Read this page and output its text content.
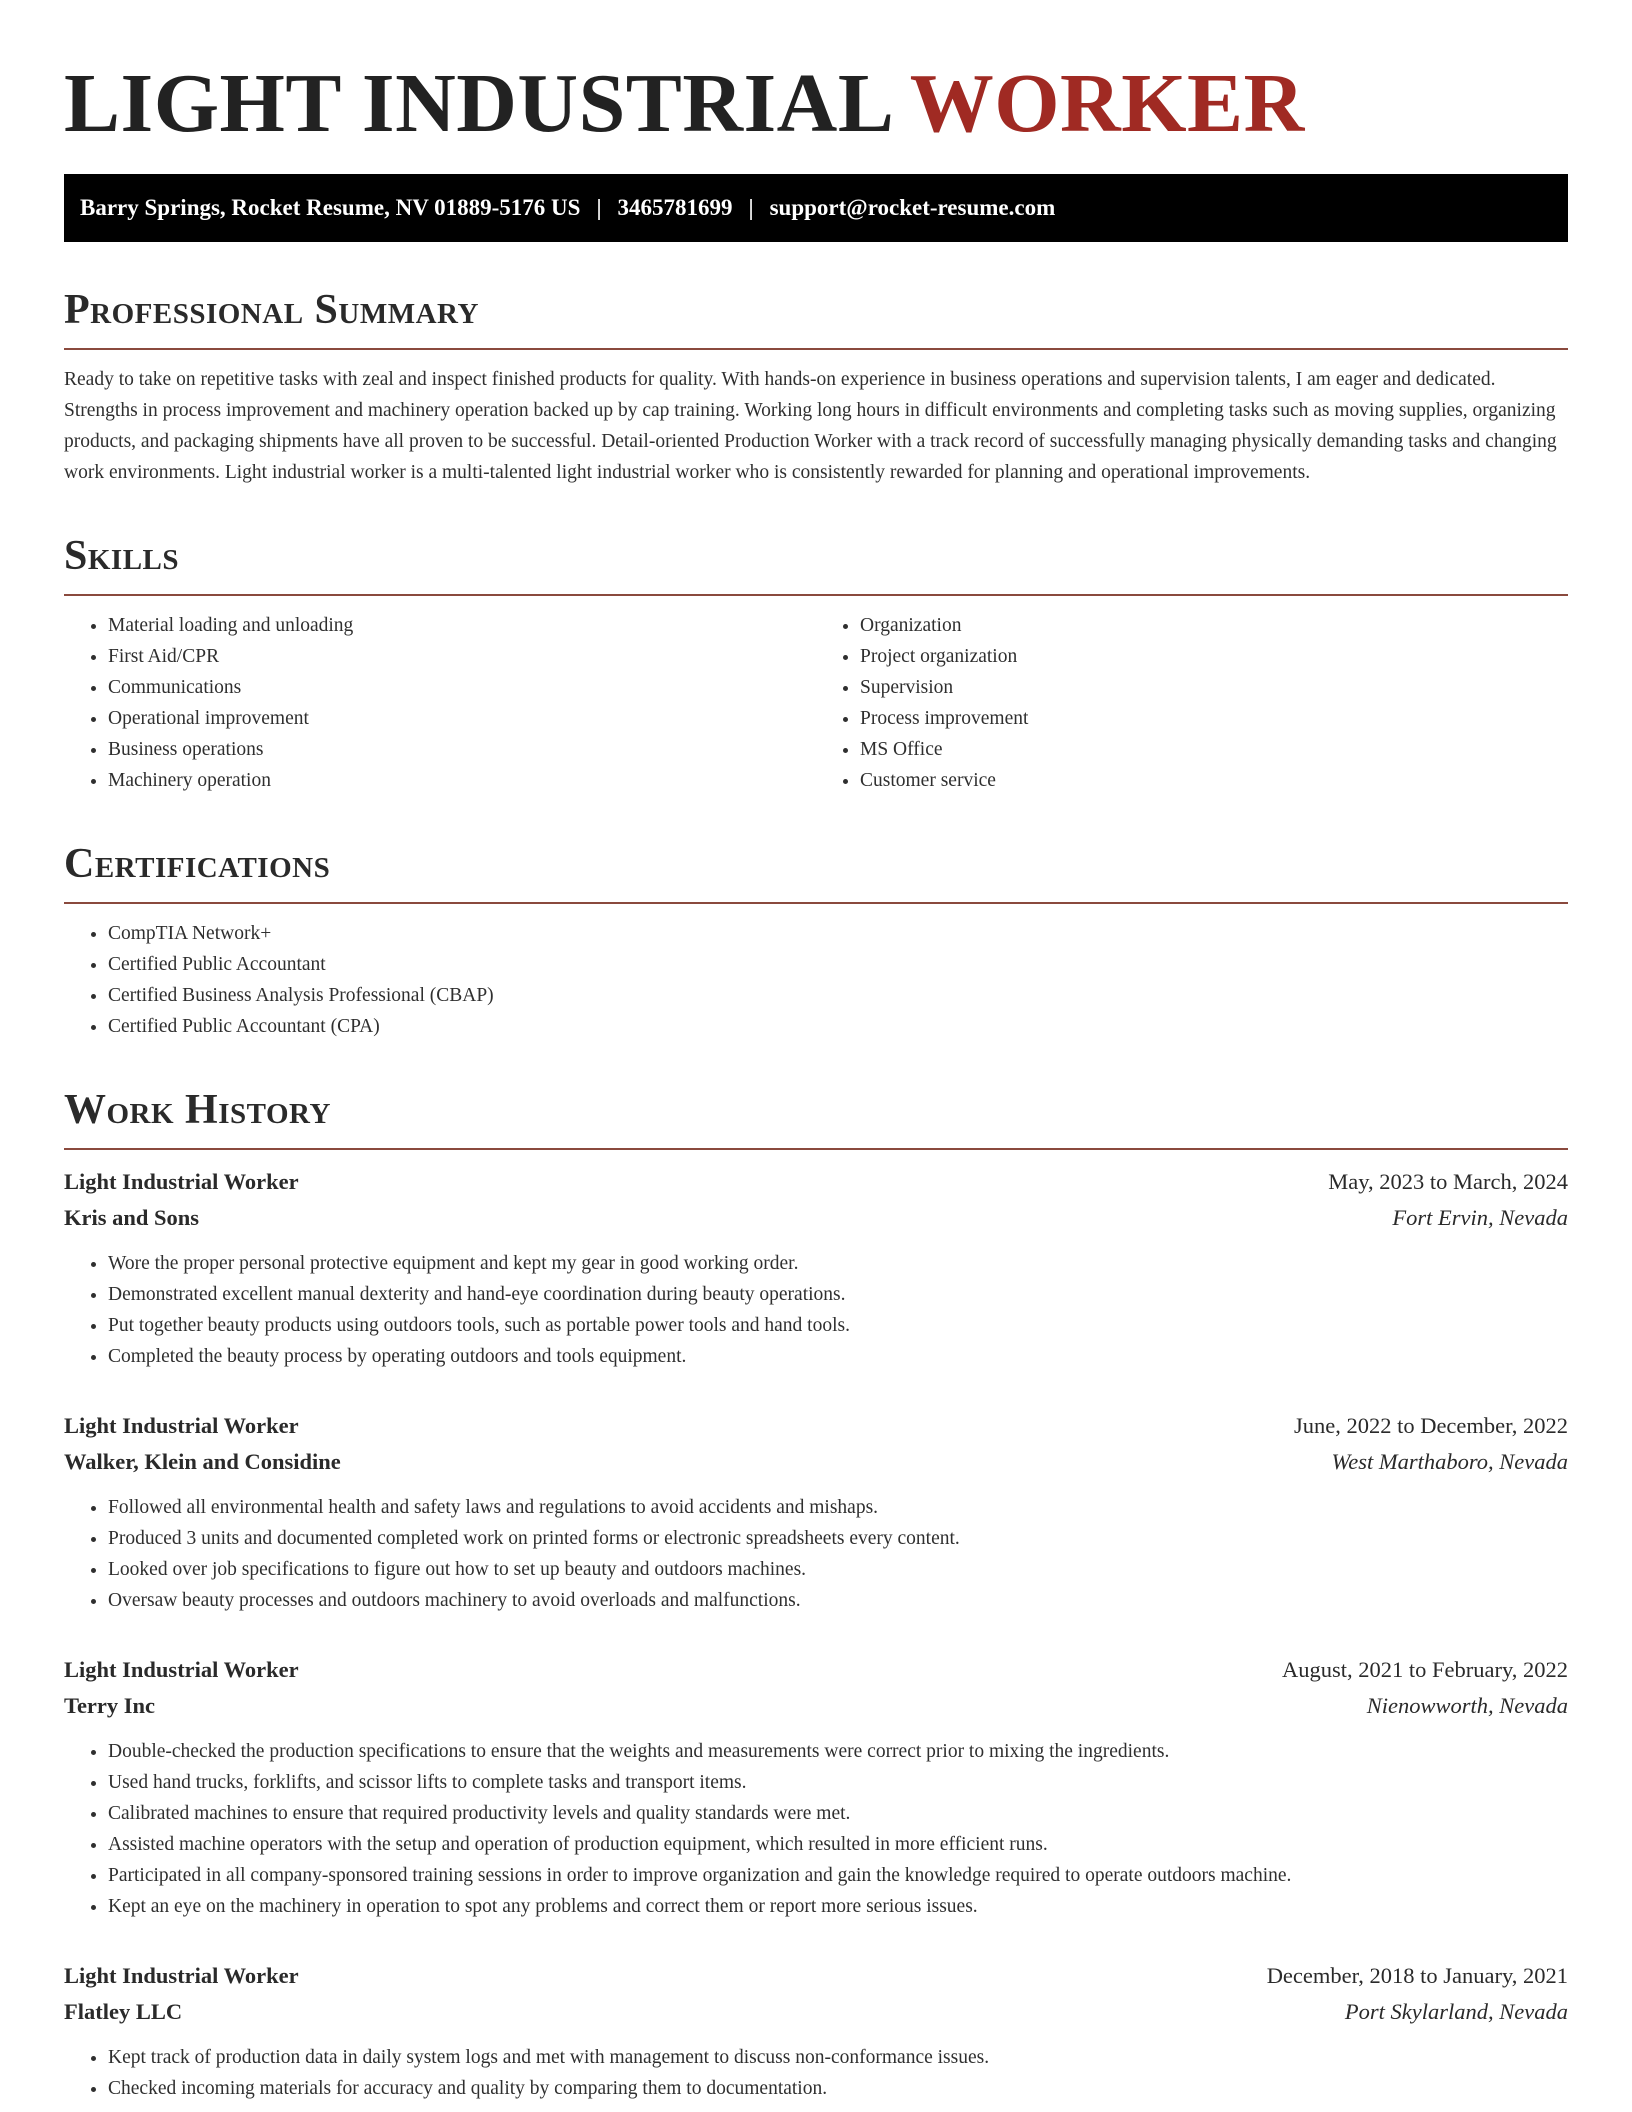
LIGHT INDUSTRIAL WORKER
Barry Springs, Rocket Resume, NV 01889-5176 US | 3465781699 | support@rocket-resume.com
Professional Summary

Ready to take on repetitive tasks with zeal and inspect finished products for quality. With hands-on experience in business operations and supervision talents, I am eager and dedicated. Strengths in process improvement and machinery operation backed up by cap training. Working long hours in difficult environments and completing tasks such as moving supplies, organizing products, and packaging shipments have all proven to be successful. Detail-oriented Production Worker with a track record of successfully managing physically demanding tasks and changing work environments. Light industrial worker is a multi-talented light industrial worker who is consistently rewarded for planning and operational improvements.

Skills
• Material loading and unloading
• First Aid/CPR
• Communications
• Operational improvement
• Business operations
• Machinery operation
• Organization
• Project organization
• Supervision
• Process improvement
• MS Office
• Customer service
Certifications
• CompTIA Network+
• Certified Public Accountant
• Certified Business Analysis Professional (CBAP)
• Certified Public Accountant (CPA)
Work History
Light Industrial Worker	May, 2023 to March, 2024
Kris and Sons	Fort Ervin, Nevada
• Wore the proper personal protective equipment and kept my gear in good working order.
• Demonstrated excellent manual dexterity and hand-eye coordination during beauty operations.
• Put together beauty products using outdoors tools, such as portable power tools and hand tools.
• Completed the beauty process by operating outdoors and tools equipment.
Light Industrial Worker	June, 2022 to December, 2022
Walker, Klein and Considine	West Marthaboro, Nevada
• Followed all environmental health and safety laws and regulations to avoid accidents and mishaps.
• Produced 3 units and documented completed work on printed forms or electronic spreadsheets every content.
• Looked over job specifications to figure out how to set up beauty and outdoors machines.
• Oversaw beauty processes and outdoors machinery to avoid overloads and malfunctions.
Light Industrial Worker	August, 2021 to February, 2022
Terry Inc	Nienowworth, Nevada
• Double-checked the production specifications to ensure that the weights and measurements were correct prior to mixing the ingredients.
• Used hand trucks, forklifts, and scissor lifts to complete tasks and transport items.
• Calibrated machines to ensure that required productivity levels and quality standards were met.
• Assisted machine operators with the setup and operation of production equipment, which resulted in more efficient runs.
• Participated in all company-sponsored training sessions in order to improve organization and gain the knowledge required to operate outdoors machine.
• Kept an eye on the machinery in operation to spot any problems and correct them or report more serious issues.
Light Industrial Worker	December, 2018 to January, 2021
Flatley LLC	Port Skylarland, Nevada
• Kept track of production data in daily system logs and met with management to discuss non-conformance issues.
• Checked incoming materials for accuracy and quality by comparing them to documentation.
